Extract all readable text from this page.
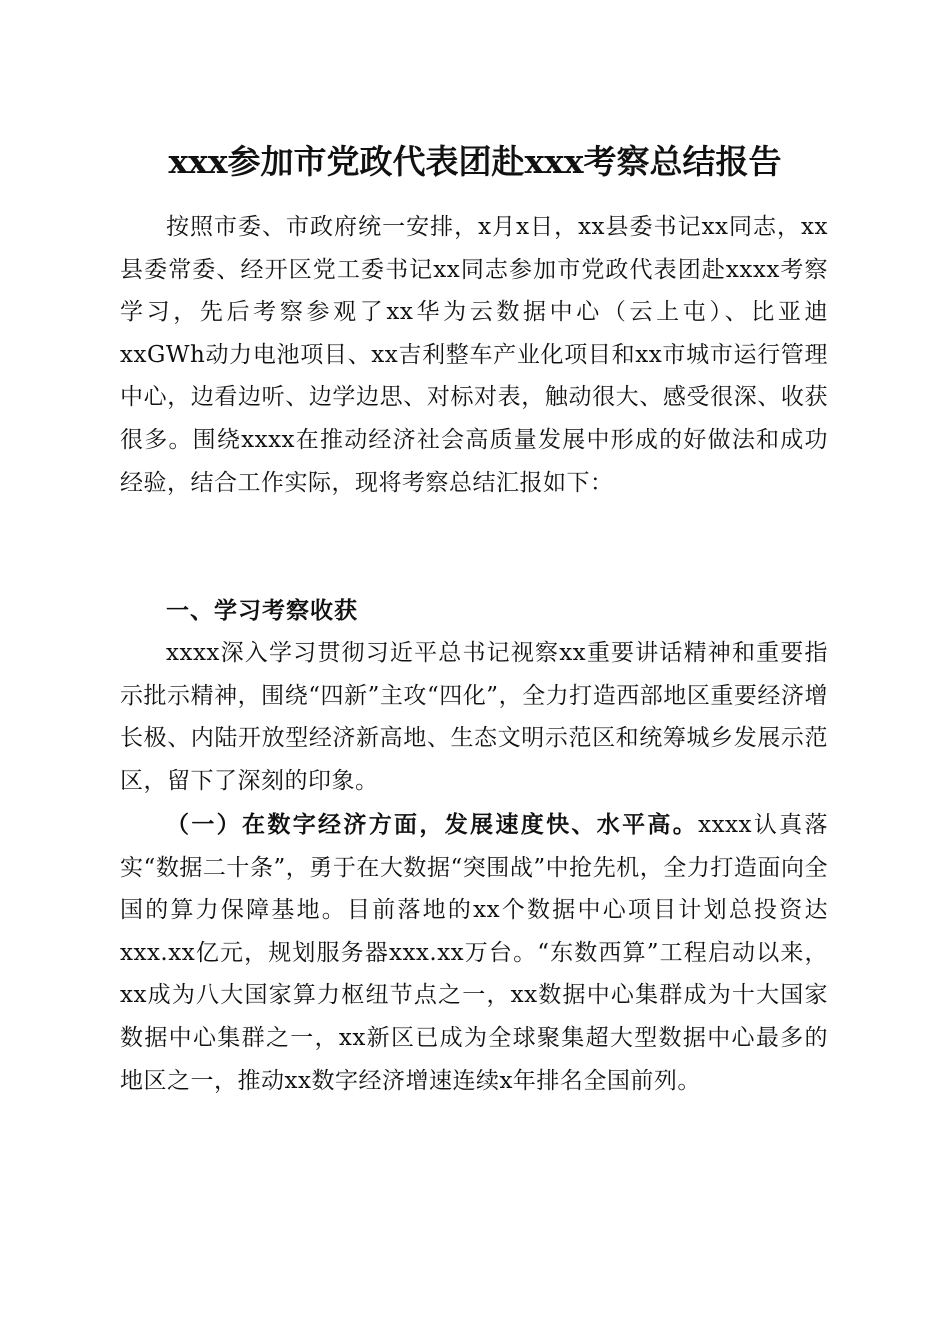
xxx参加市党政代表团赴xxx考察总结报告

按照市委、市政府统一安排，x月x日，xx县委书记xx同志，xx县委常委、经开区党工委书记xx同志参加市党政代表团赴xxxx考察学习，先后考察参观了xx华为云数据中心（云上屯）、比亚迪xxGWh动力电池项目、xx吉利整车产业化项目和xx市城市运行管理中心，边看边听、边学边思、对标对表，触动很大、感受很深、收获很多。围绕xxxx在推动经济社会高质量发展中形成的好做法和成功经验，结合工作实际，现将考察总结汇报如下：

一、学习考察收获

xxxx深入学习贯彻习近平总书记视察xx重要讲话精神和重要指示批示精神，围绕“四新”主攻“四化”，全力打造西部地区重要经济增长极、内陆开放型经济新高地、生态文明示范区和统筹城乡发展示范区，留下了深刻的印象。

（一）在数字经济方面，发展速度快、水平高。xxxx认真落实“数据二十条”，勇于在大数据“突围战”中抢先机，全力打造面向全国的算力保障基地。目前落地的xx个数据中心项目计划总投资达xxx.xx亿元，规划服务器xxx.xx万台。“东数西算”工程启动以来，xx成为八大国家算力枢纽节点之一，xx数据中心集群成为十大国家数据中心集群之一，xx新区已成为全球聚集超大型数据中心最多的地区之一，推动xx数字经济增速连续x年排名全国前列。
